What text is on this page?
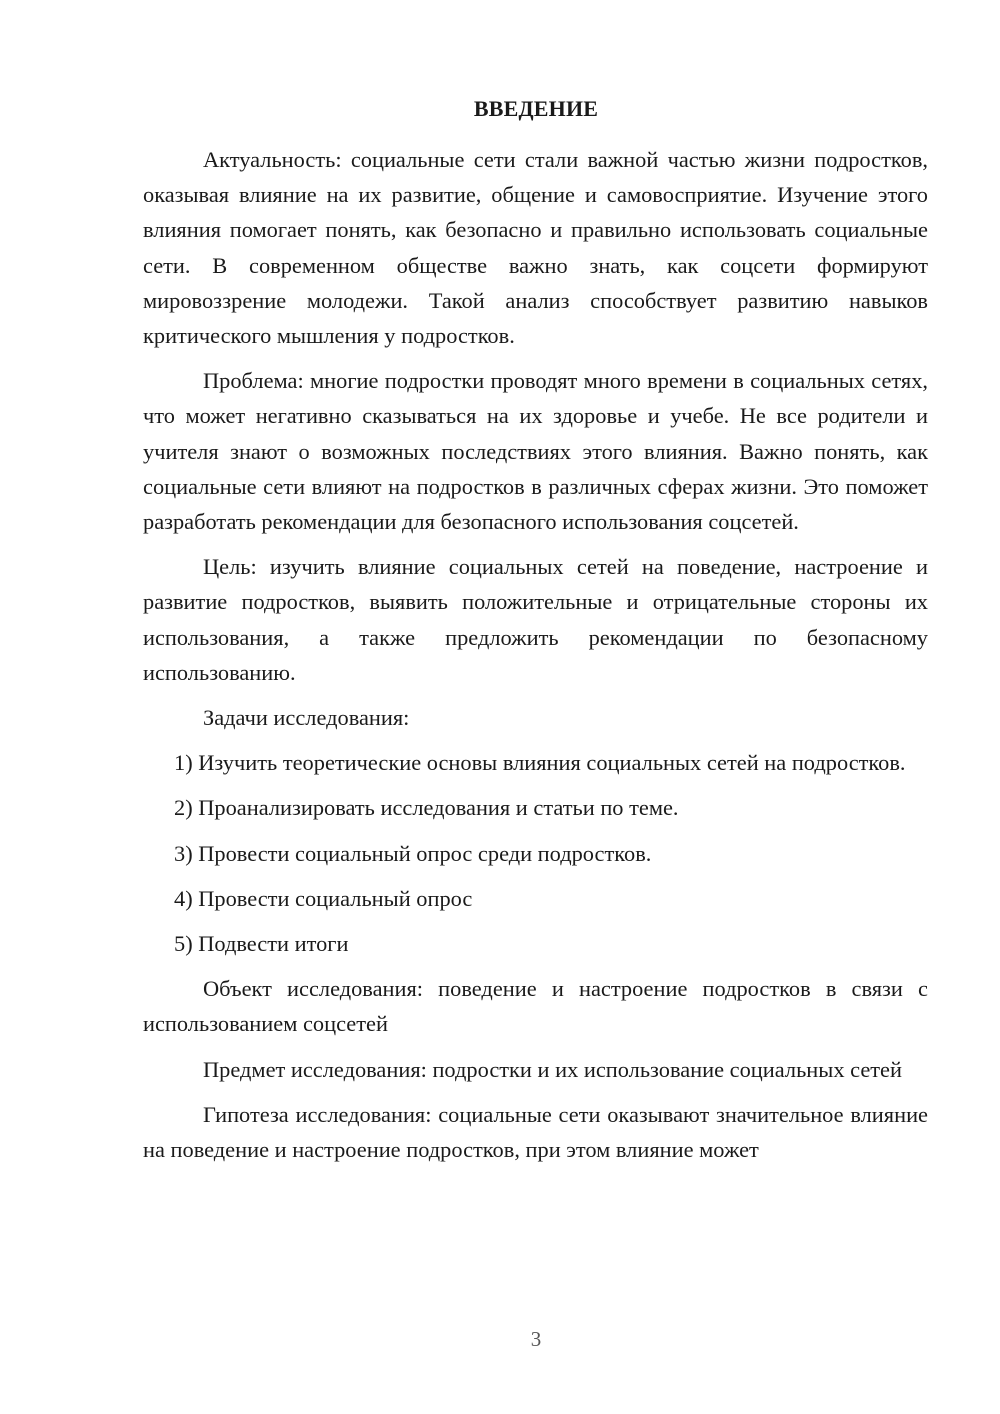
ВВЕДЕНИЕ

Актуальность: социальные сети стали важной частью жизни подростков, оказывая влияние на их развитие, общение и самовосприятие. Изучение этого влияния помогает понять, как безопасно и правильно использовать социальные сети. В современном обществе важно знать, как соцсети формируют мировоззрение молодежи. Такой анализ способствует развитию навыков критического мышления у подростков.

Проблема: многие подростки проводят много времени в социальных сетях, что может негативно сказываться на их здоровье и учебе. Не все родители и учителя знают о возможных последствиях этого влияния. Важно понять, как социальные сети влияют на подростков в различных сферах жизни. Это поможет разработать рекомендации для безопасного использования соцсетей.

Цель: изучить влияние социальных сетей на поведение, настроение и развитие подростков, выявить положительные и отрицательные стороны их использования, а также предложить рекомендации по безопасному использованию.

Задачи исследования:

1) Изучить теоретические основы влияния социальных сетей на подростков.

2) Проанализировать исследования и статьи по теме.

3) Провести социальный опрос среди подростков.

4) Провести социальный опрос

5) Подвести итоги

Объект исследования: поведение и настроение подростков в связи с использованием соцсетей

Предмет исследования: подростки и их использование социальных сетей

Гипотеза исследования: социальные сети оказывают значительное влияние на поведение и настроение подростков, при этом влияние может

3
